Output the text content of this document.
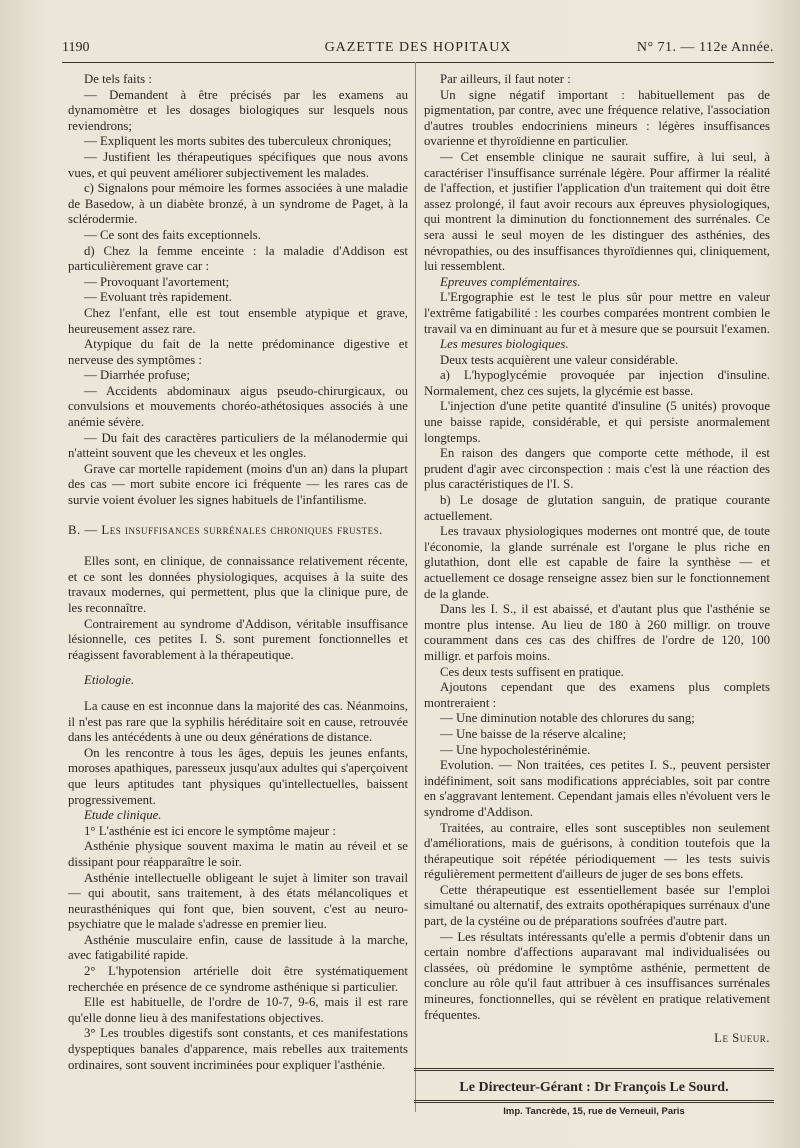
1190	GAZETTE DES HOPITAUX	N° 71. — 112e Année.

De tels faits :

— Demandent à être précisés par les examens au dynamomètre et les dosages biologiques sur lesquels nous reviendrons;

— Expliquent les morts subites des tuberculeux chroniques;

— Justifient les thérapeutiques spécifiques que nous avons vues, et qui peuvent améliorer subjectivement les malades.

c) Signalons pour mémoire les formes associées à une maladie de Basedow, à un diabète bronzé, à un syndrome de Paget, à la sclérodermie.

— Ce sont des faits exceptionnels.

d) Chez la femme enceinte : la maladie d'Addison est particulièrement grave car :

— Provoquant l'avortement;

— Evoluant très rapidement.

Chez l'enfant, elle est tout ensemble atypique et grave, heureusement assez rare.

Atypique du fait de la nette prédominance digestive et nerveuse des symptômes :

— Diarrhée profuse;

— Accidents abdominaux aigus pseudo-chirurgicaux, ou convulsions et mouvements choréo-athétosiques associés à une anémie sévère.

— Du fait des caractères particuliers de la mélanodermie qui n'atteint souvent que les cheveux et les ongles.

Grave car mortelle rapidement (moins d'un an) dans la plupart des cas — mort subite encore ici fréquente — les rares cas de survie voient évoluer les signes habituels de l'infantilisme.

B. — Les insuffisances surrénales chroniques frustes.

Elles sont, en clinique, de connaissance relativement récente, et ce sont les données physiologiques, acquises à la suite des travaux modernes, qui permettent, plus que la clinique pure, de les reconnaître.

Contrairement au syndrome d'Addison, véritable insuffisance lésionnelle, ces petites I. S. sont purement fonctionnelles et réagissent favorablement à la thérapeutique.

Etiologie.

La cause en est inconnue dans la majorité des cas. Néanmoins, il n'est pas rare que la syphilis héréditaire soit en cause, retrouvée dans les antécédents à une ou deux générations de distance.

On les rencontre à tous les âges, depuis les jeunes enfants, moroses apathiques, paresseux jusqu'aux adultes qui s'aperçoivent que leurs aptitudes tant physiques qu'intellectuelles, baissent progressivement.

Etude clinique.

1° L'asthénie est ici encore le symptôme majeur :

Asthénie physique souvent maxima le matin au réveil et se dissipant pour réapparaître le soir.

Asthénie intellectuelle obligeant le sujet à limiter son travail — qui aboutit, sans traitement, à des états mélancoliques et neurasthéniques qui font que, bien souvent, c'est au neuro-psychiatre que le malade s'adresse en premier lieu.

Asthénie musculaire enfin, cause de lassitude à la marche, avec fatigabilité rapide.

2° L'hypotension artérielle doit être systématiquement recherchée en présence de ce syndrome asthénique si particulier.

Elle est habituelle, de l'ordre de 10-7, 9-6, mais il est rare qu'elle donne lieu à des manifestations objectives.

3° Les troubles digestifs sont constants, et ces manifestations dyspeptiques banales d'apparence, mais rebelles aux traitements ordinaires, sont souvent incriminées pour expliquer l'asthénie.

Par ailleurs, il faut noter :

Un signe négatif important : habituellement pas de pigmentation, par contre, avec une fréquence relative, l'association d'autres troubles endocriniens mineurs : légères insuffisances ovarienne et thyroïdienne en particulier.

— Cet ensemble clinique ne saurait suffire, à lui seul, à caractériser l'insuffisance surrénale légère. Pour affirmer la réalité de l'affection, et justifier l'application d'un traitement qui doit être assez prolongé, il faut avoir recours aux épreuves physiologiques, qui montrent la diminution du fonctionnement des surrénales. Ce sera aussi le seul moyen de les distinguer des asthénies, des névropathies, ou des insuffisances thyroïdiennes qui, cliniquement, lui ressemblent.

Epreuves complémentaires.

L'Ergographie est le test le plus sûr pour mettre en valeur l'extrême fatigabilité : les courbes comparées montrent combien le travail va en diminuant au fur et à mesure que se poursuit l'examen.

Les mesures biologiques.

Deux tests acquièrent une valeur considérable.

a) L'hypoglycémie provoquée par injection d'insuline. Normalement, chez ces sujets, la glycémie est basse.

L'injection d'une petite quantité d'insuline (5 unités) provoque une baisse rapide, considérable, et qui persiste anormalement longtemps.

En raison des dangers que comporte cette méthode, il est prudent d'agir avec circonspection : mais c'est là une réaction des plus caractéristiques de l'I. S.

b) Le dosage de glutation sanguin, de pratique courante actuellement.

Les travaux physiologiques modernes ont montré que, de toute l'économie, la glande surrénale est l'organe le plus riche en glutathion, dont elle est capable de faire la synthèse — et actuellement ce dosage renseigne assez bien sur le fonctionnement de la glande.

Dans les I. S., il est abaissé, et d'autant plus que l'asthénie se montre plus intense. Au lieu de 180 à 260 milligr. on trouve couramment dans ces cas des chiffres de l'ordre de 120, 100 milligr. et parfois moins.

Ces deux tests suffisent en pratique.

Ajoutons cependant que des examens plus complets montreraient :

— Une diminution notable des chlorures du sang;

— Une baisse de la réserve alcaline;

— Une hypocholestérinémie.

Evolution. — Non traitées, ces petites I. S., peuvent persister indéfiniment, soit sans modifications appréciables, soit par contre en s'aggravant lentement. Cependant jamais elles n'évoluent vers le syndrome d'Addison.

Traitées, au contraire, elles sont susceptibles non seulement d'améliorations, mais de guérisons, à condition toutefois que la thérapeutique soit répétée périodiquement — les tests suivis régulièrement permettent d'ailleurs de juger de ses bons effets.

Cette thérapeutique est essentiellement basée sur l'emploi simultané ou alternatif, des extraits opothérapiques surrénaux d'une part, de la cystéine ou de préparations soufrées d'autre part.

— Les résultats intéressants qu'elle a permis d'obtenir dans un certain nombre d'affections auparavant mal individualisées ou classées, où prédomine le symptôme asthénie, permettent de conclure au rôle qu'il faut attribuer à ces insuffisances surrénales mineures, fonctionnelles, qui se révèlent en pratique relativement fréquentes.

Le Sueur.

Le Directeur-Gérant : Dr François Le Sourd.
Imp. Tancrède, 15, rue de Verneuil, Paris
